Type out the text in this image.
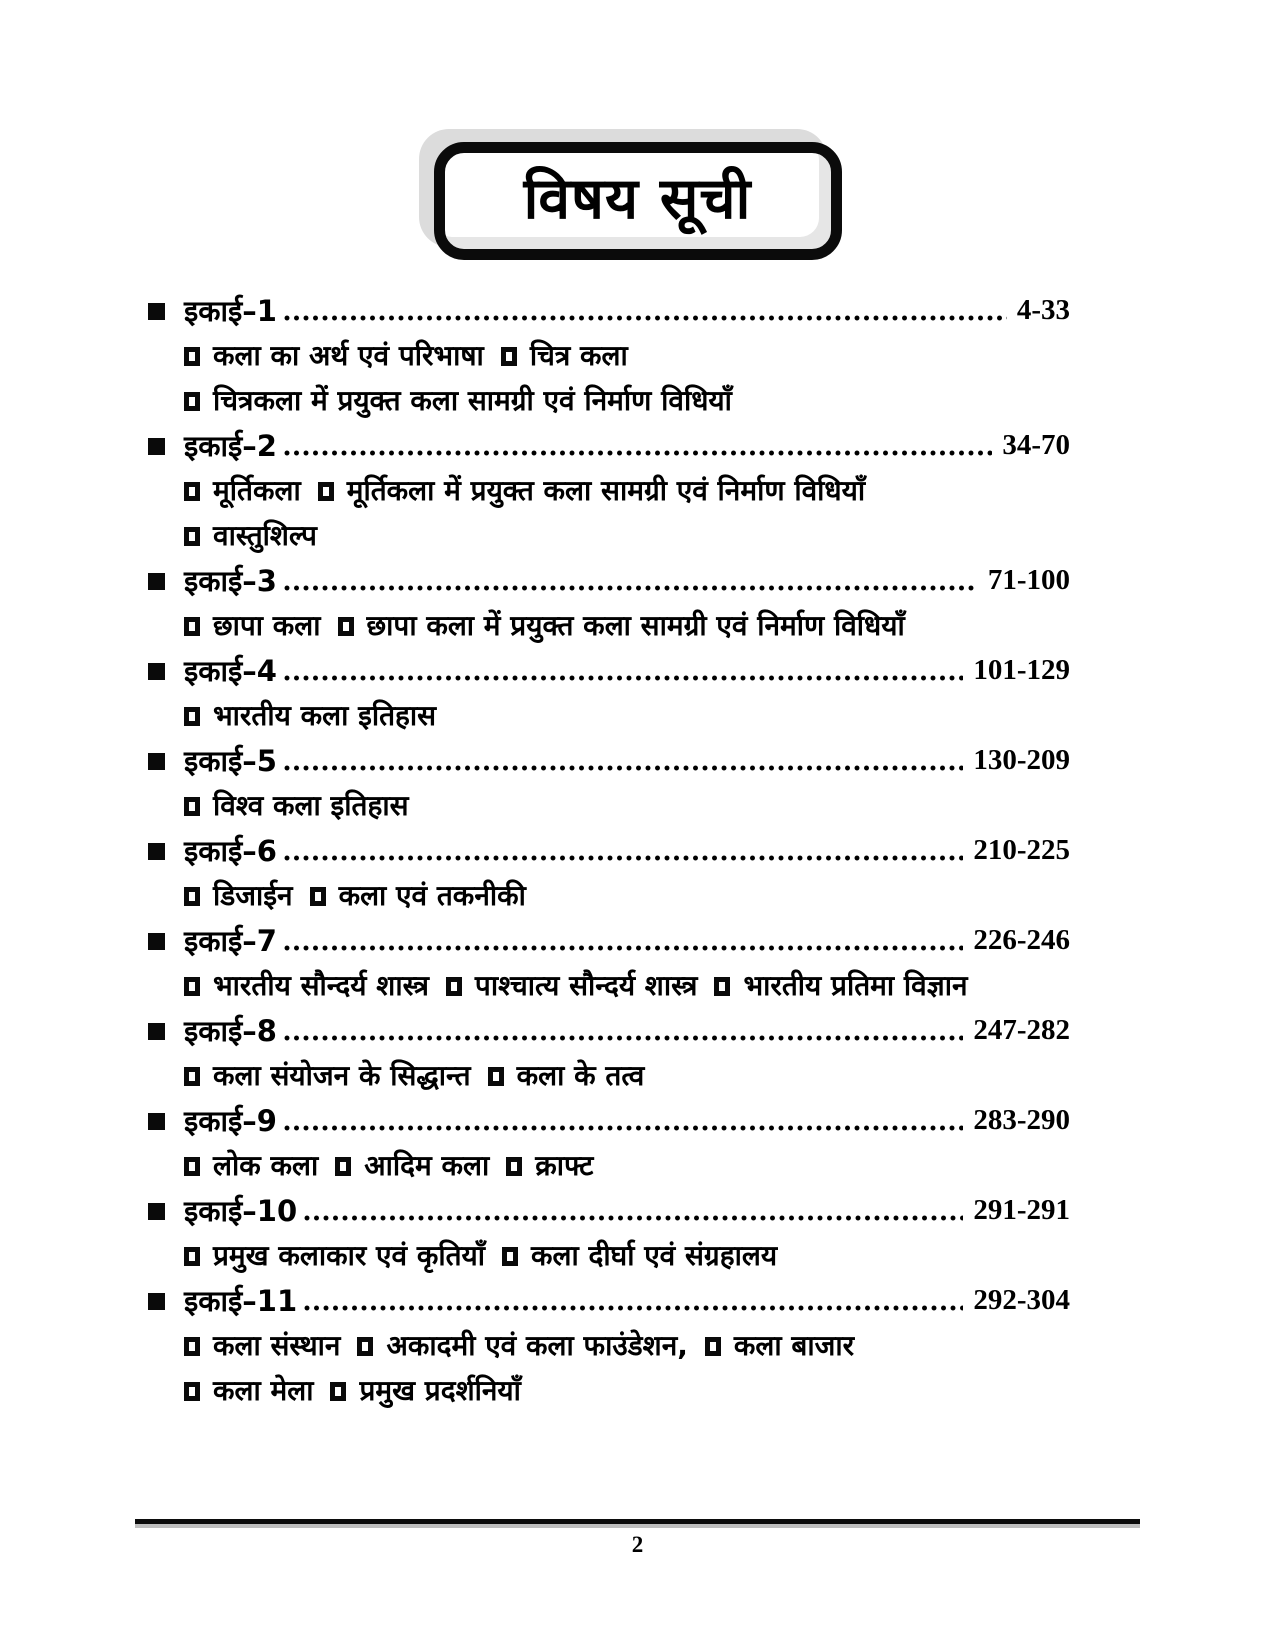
विषय सूची
इकाई–1	4-33
कला का अर्थ एवं परिभाषा चित्र कला
चित्रकला में प्रयुक्त कला सामग्री एवं निर्माण विधियाँ
इकाई–2	34-70
मूर्तिकला मूर्तिकला में प्रयुक्त कला सामग्री एवं निर्माण विधियाँ
वास्तुशिल्प
इकाई–3	71-100
छापा कला छापा कला में प्रयुक्त कला सामग्री एवं निर्माण विधियाँ
इकाई–4	101-129
भारतीय कला इतिहास
इकाई–5	130-209
विश्व कला इतिहास
इकाई–6	210-225
डिजाईन कला एवं तकनीकी
इकाई–7	226-246
भारतीय सौन्दर्य शास्त्र पाश्चात्य सौन्दर्य शास्त्र भारतीय प्रतिमा विज्ञान
इकाई–8	247-282
कला संयोजन के सिद्धान्त कला के तत्व
इकाई–9	283-290
लोक कला आदिम कला क्राफ्ट
इकाई–10	291-291
प्रमुख कलाकार एवं कृतियाँ कला दीर्घा एवं संग्रहालय
इकाई–11	292-304
कला संस्थान अकादमी एवं कला फाउंडेशन, कला बाजार
कला मेला प्रमुख प्रदर्शनियाँ
2
